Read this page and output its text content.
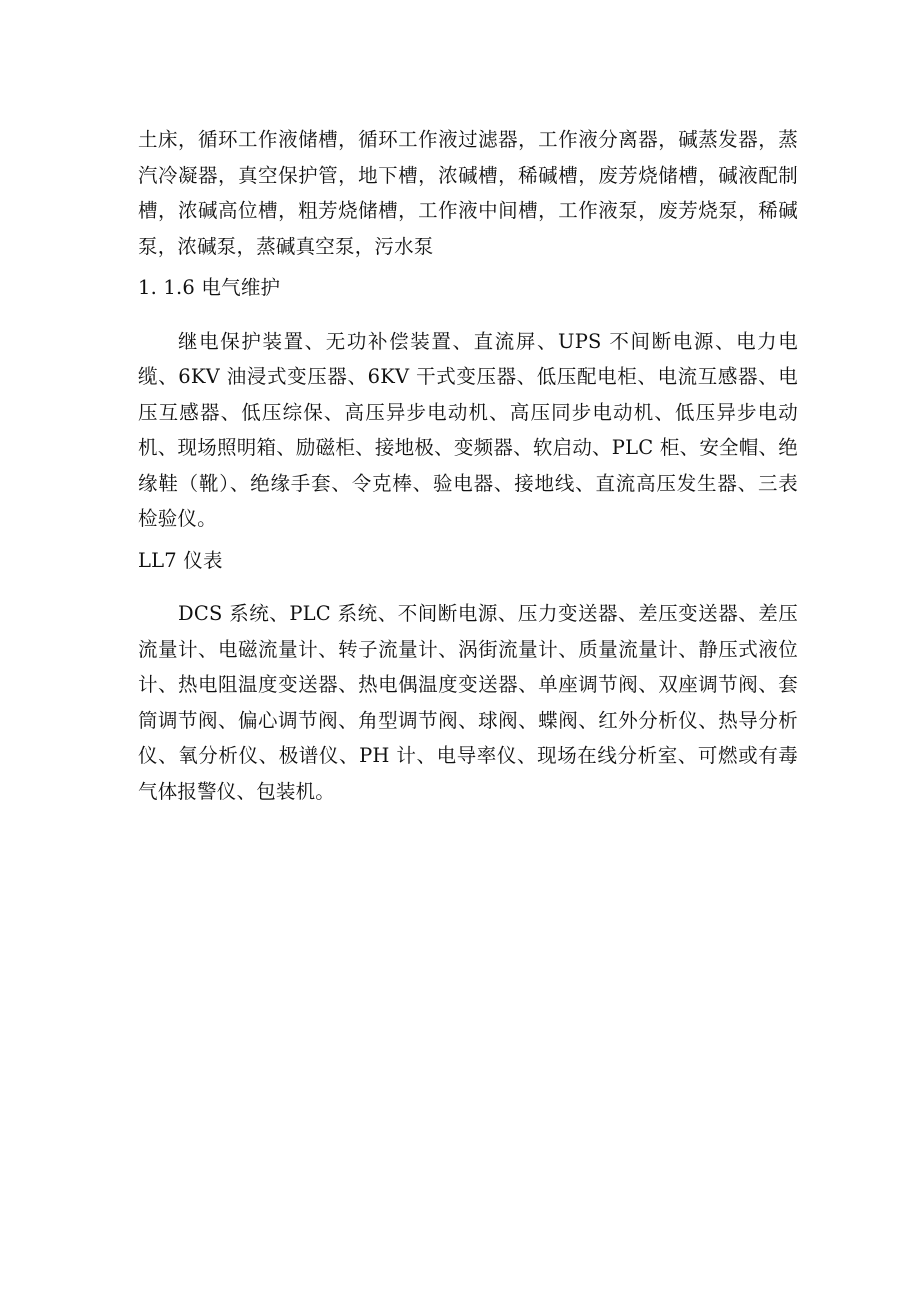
土床，循环工作液储槽，循环工作液过滤器，工作液分离器，碱蒸发器，蒸汽冷凝器，真空保护管，地下槽，浓碱槽，稀碱槽，废芳烧储槽，碱液配制槽，浓碱高位槽，粗芳烧储槽，工作液中间槽，工作液泵，废芳烧泵，稀碱泵，浓碱泵，蒸碱真空泵，污水泵

1. 1.6 电气维护

继电保护装置、无功补偿装置、直流屏、UPS 不间断电源、电力电缆、6KV 油浸式变压器、6KV 干式变压器、低压配电柜、电流互感器、电压互感器、低压综保、高压异步电动机、高压同步电动机、低压异步电动机、现场照明箱、励磁柜、接地极、变频器、软启动、PLC 柜、安全帽、绝缘鞋（靴）、绝缘手套、令克棒、验电器、接地线、直流高压发生器、三表检验仪。

LL7 仪表

DCS 系统、PLC 系统、不间断电源、压力变送器、差压变送器、差压流量计、电磁流量计、转子流量计、涡街流量计、质量流量计、静压式液位计、热电阻温度变送器、热电偶温度变送器、单座调节阀、双座调节阀、套筒调节阀、偏心调节阀、角型调节阀、球阀、蝶阀、红外分析仪、热导分析仪、氧分析仪、极谱仪、PH 计、电导率仪、现场在线分析室、可燃或有毒气体报警仪、包装机。
